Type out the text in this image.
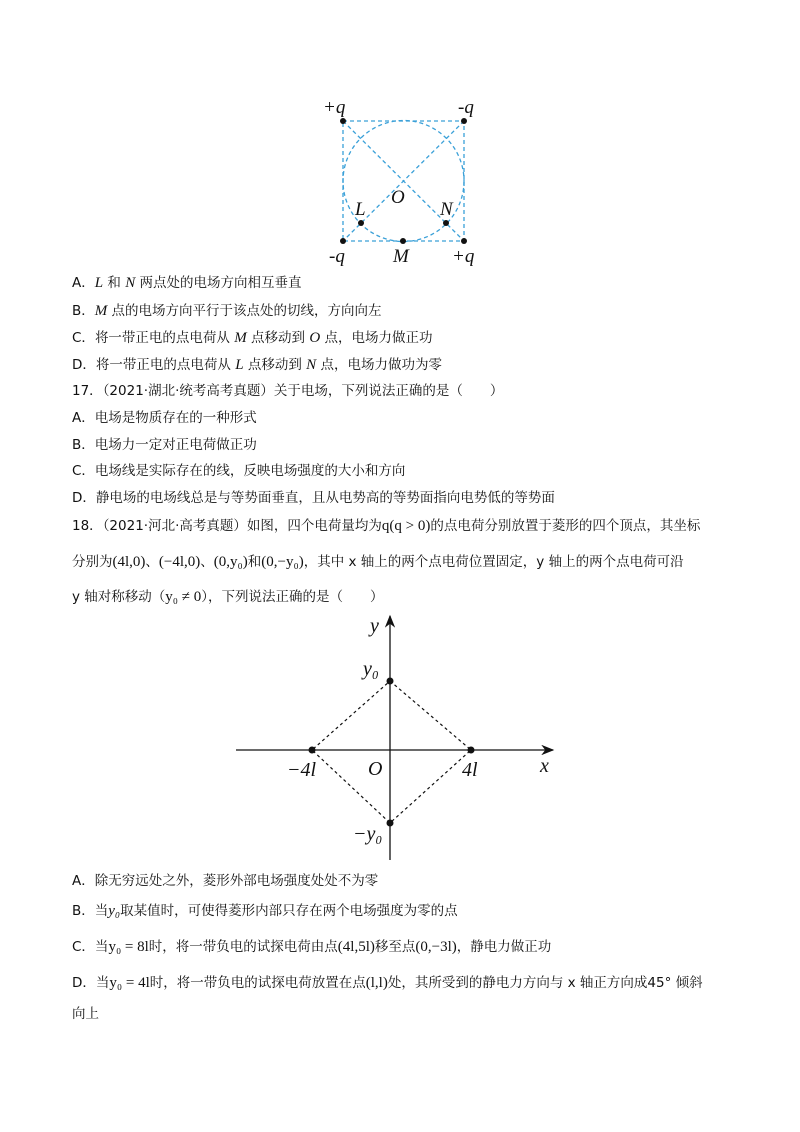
+q	-q
-q	+q
O
L	N
M
A．L 和 N 两点处的电场方向相互垂直
B．M 点的电场方向平行于该点处的切线，方向向左
C．将一带正电的点电荷从 M 点移动到 O 点，电场力做正功
D．将一带正电的点电荷从 L 点移动到 N 点，电场力做功为零
17．（2021·湖北·统考高考真题）关于电场，下列说法正确的是（　　）
A．电场是物质存在的一种形式
B．电场力一定对正电荷做正功
C．电场线是实际存在的线，反映电场强度的大小和方向
D．静电场的电场线总是与等势面垂直，且从电势高的等势面指向电势低的等势面
18．（2021·河北·高考真题）如图，四个电荷量均为q(q > 0)的点电荷分别放置于菱形的四个顶点，其坐标
分别为(4l,0)、(−4l,0)、(0,y₀)和(0,−y₀)，其中 x 轴上的两个点电荷位置固定，y 轴上的两个点电荷可沿
y 轴对称移动（y₀ ≠ 0），下列说法正确的是（　　）
y
x
O
y₀
−y₀
−4l	4l
A．除无穷远处之外，菱形外部电场强度处处不为零
B．当y₀取某值时，可使得菱形内部只存在两个电场强度为零的点
C．当y₀ = 8l时，将一带负电的试探电荷由点(4l,5l)移至点(0,−3l)，静电力做正功
D．当y₀ = 4l时，将一带负电的试探电荷放置在点(l,l)处，其所受到的静电力方向与 x 轴正方向成45° 倾斜
向上
